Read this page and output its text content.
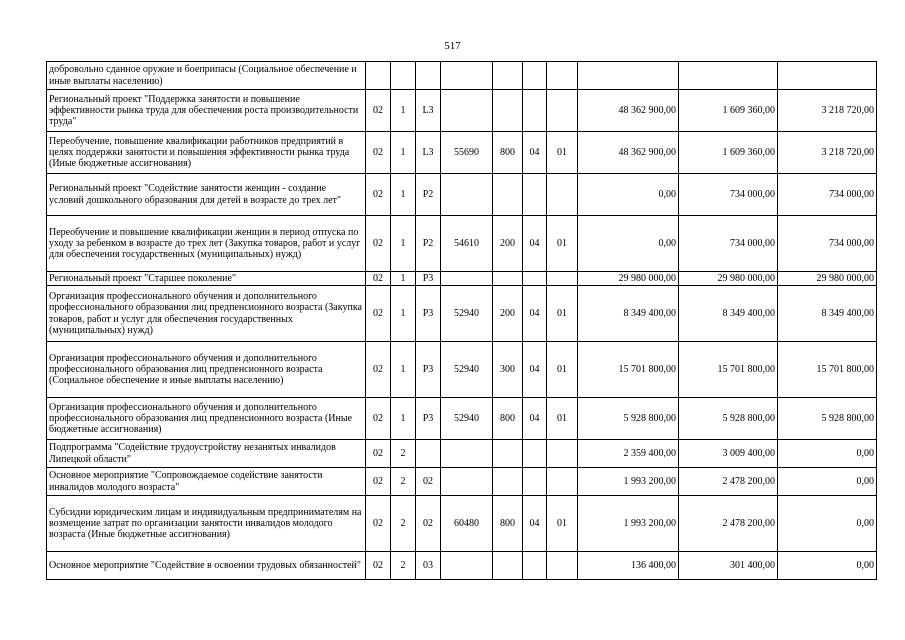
517
добровольно сданное оружие и боеприпасы (Социальное обеспечение и иные выплаты населению)										
Региональный проект "Поддержка занятости и повышение эффективности рынка труда для обеспечения роста производительности труда"	02	1	L3					48 362 900,00	1 609 360,00	3 218 720,00
Переобучение, повышение квалификации работников предприятий в целях поддержки занятости и повышения эффективности рынка труда (Иные бюджетные ассигнования)	02	1	L3	55690	800	04	01	48 362 900,00	1 609 360,00	3 218 720,00
Региональный проект "Содействие занятости женщин - создание условий дошкольного образования для детей в возрасте до трех лет"	02	1	P2					0,00	734 000,00	734 000,00
Переобучение и повышение квалификации женщин в период отпуска по уходу за ребенком в возрасте до трех лет (Закупка товаров, работ и услуг для обеспечения государственных (муниципальных) нужд)	02	1	P2	54610	200	04	01	0,00	734 000,00	734 000,00
Региональный проект "Старшее поколение"	02	1	P3					29 980 000,00	29 980 000,00	29 980 000,00
Организация профессионального обучения и дополнительного профессионального образования лиц предпенсионного возраста (Закупка товаров, работ и услуг для обеспечения государственных (муниципальных) нужд)	02	1	P3	52940	200	04	01	8 349 400,00	8 349 400,00	8 349 400,00
Организация профессионального обучения и дополнительного профессионального образования лиц предпенсионного возраста (Социальное обеспечение и иные выплаты населению)	02	1	P3	52940	300	04	01	15 701 800,00	15 701 800,00	15 701 800,00
Организация профессионального обучения и дополнительного профессионального образования лиц предпенсионного возраста (Иные бюджетные ассигнования)	02	1	P3	52940	800	04	01	5 928 800,00	5 928 800,00	5 928 800,00
Подпрограмма "Содействие трудоустройству незанятых инвалидов Липецкой области"	02	2						2 359 400,00	3 009 400,00	0,00
Основное мероприятие "Сопровождаемое содействие занятости инвалидов молодого возраста"	02	2	02					1 993 200,00	2 478 200,00	0,00
Субсидии юридическим лицам и индивидуальным предпринимателям на возмещение затрат по организации занятости инвалидов молодого возраста (Иные бюджетные ассигнования)	02	2	02	60480	800	04	01	1 993 200,00	2 478 200,00	0,00
Основное мероприятие "Содействие в освоении трудовых обязанностей"	02	2	03					136 400,00	301 400,00	0,00
